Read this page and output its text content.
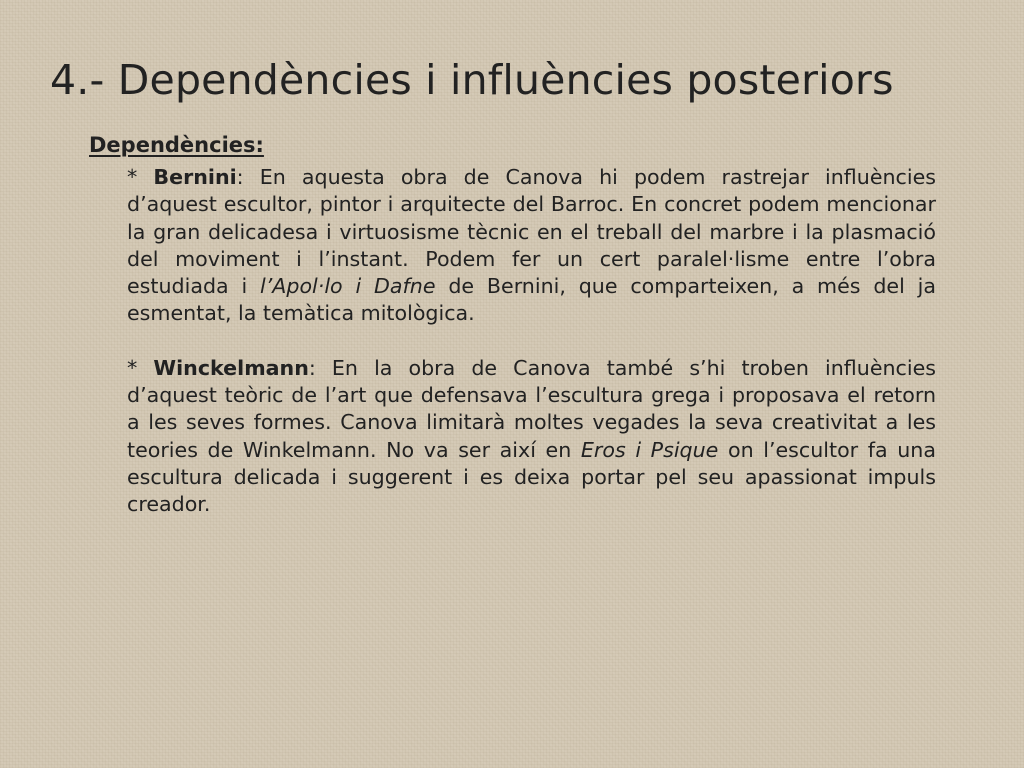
4.- Dependències i influències posteriors
Dependències:

* Bernini: En aquesta obra de Canova hi podem rastrejar influències d’aquest escultor, pintor i arquitecte del Barroc. En concret podem mencionar la gran delicadesa i virtuosisme tècnic en el treball del marbre i la plasmació del moviment i l’instant. Podem fer un cert paralel·lisme entre l’obra estudiada i l’Apol·lo i Dafne de Bernini, que comparteixen, a més del ja esmentat, la temàtica mitològica.

* Winckelmann: En la obra de Canova també s’hi troben influències d’aquest teòric de l’art que defensava l’escultura grega i proposava el retorn a les seves formes. Canova limitarà moltes vegades la seva creativitat a les teories de Winkelmann. No va ser així en Eros i Psique on l’escultor fa una escultura delicada i suggerent i es deixa portar pel seu apassionat impuls creador.
